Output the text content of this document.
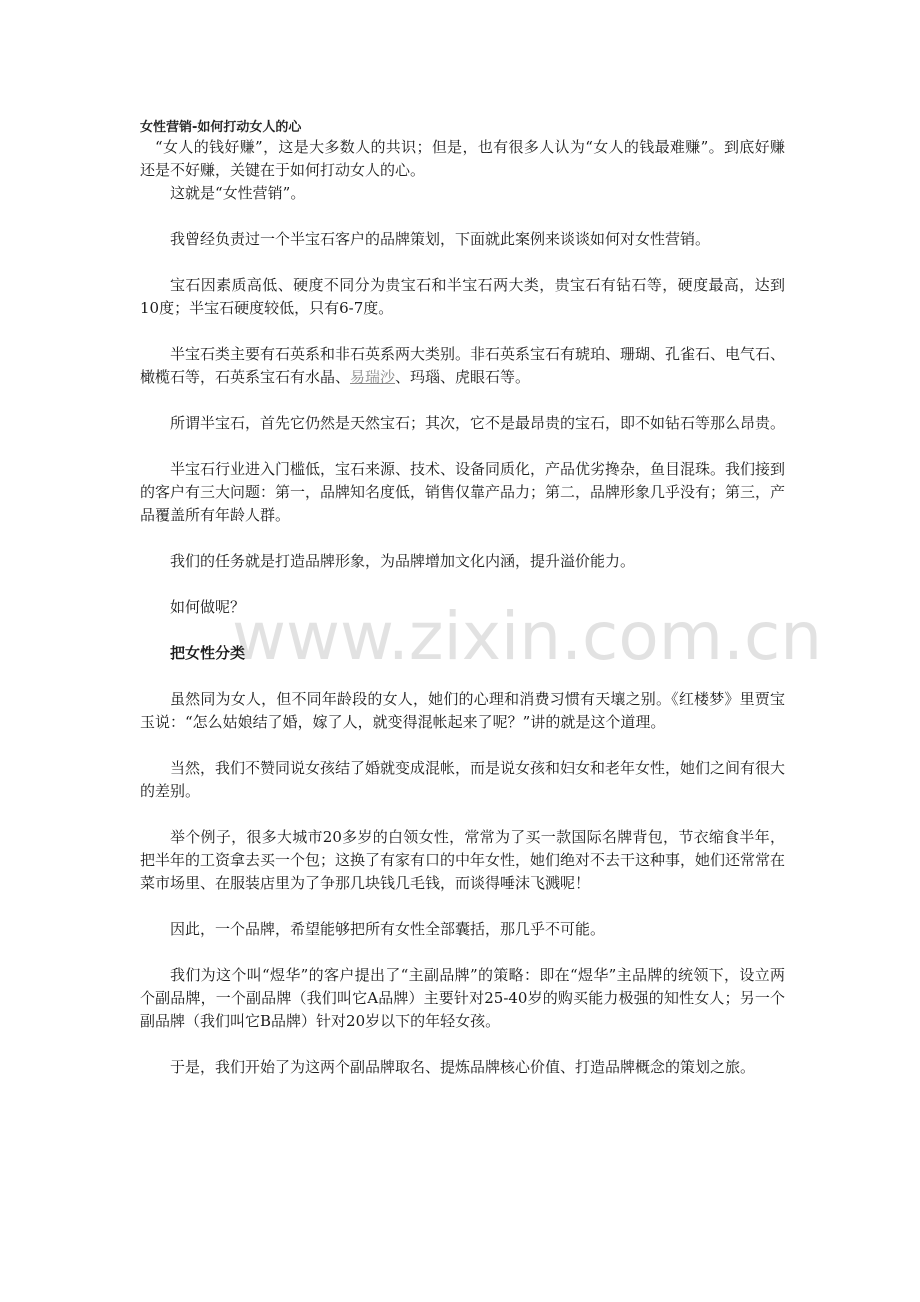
www.zixin.com.cn
女性营销-如何打动女人的心

“女人的钱好赚”，这是大多数人的共识；但是，也有很多人认为“女人的钱最难赚”。到底好赚还是不好赚，关键在于如何打动女人的心。

这就是“女性营销”。

我曾经负责过一个半宝石客户的品牌策划，下面就此案例来谈谈如何对女性营销。

宝石因素质高低、硬度不同分为贵宝石和半宝石两大类，贵宝石有钻石等，硬度最高，达到10度；半宝石硬度较低，只有6-7度。

半宝石类主要有石英系和非石英系两大类别。非石英系宝石有琥珀、珊瑚、孔雀石、电气石、橄榄石等，石英系宝石有水晶、易瑞沙、玛瑙、虎眼石等。

所谓半宝石，首先它仍然是天然宝石；其次，它不是最昂贵的宝石，即不如钻石等那么昂贵。

半宝石行业进入门槛低，宝石来源、技术、设备同质化，产品优劣搀杂，鱼目混珠。我们接到的客户有三大问题：第一，品牌知名度低，销售仅靠产品力；第二，品牌形象几乎没有；第三，产品覆盖所有年龄人群。

我们的任务就是打造品牌形象，为品牌增加文化内涵，提升溢价能力。

如何做呢？

把女性分类

虽然同为女人，但不同年龄段的女人，她们的心理和消费习惯有天壤之别。《红楼梦》里贾宝玉说：“怎么姑娘结了婚，嫁了人，就变得混帐起来了呢？”讲的就是这个道理。

当然，我们不赞同说女孩结了婚就变成混帐，而是说女孩和妇女和老年女性，她们之间有很大的差别。

举个例子，很多大城市20多岁的白领女性，常常为了买一款国际名牌背包，节衣缩食半年，把半年的工资拿去买一个包；这换了有家有口的中年女性，她们绝对不去干这种事，她们还常常在菜市场里、在服装店里为了争那几块钱几毛钱，而谈得唾沫飞溅呢！

因此，一个品牌，希望能够把所有女性全部囊括，那几乎不可能。

我们为这个叫“煜华”的客户提出了“主副品牌”的策略：即在“煜华”主品牌的统领下，设立两个副品牌，一个副品牌（我们叫它A品牌）主要针对25-40岁的购买能力极强的知性女人；另一个副品牌（我们叫它B品牌）针对20岁以下的年轻女孩。

于是，我们开始了为这两个副品牌取名、提炼品牌核心价值、打造品牌概念的策划之旅。
